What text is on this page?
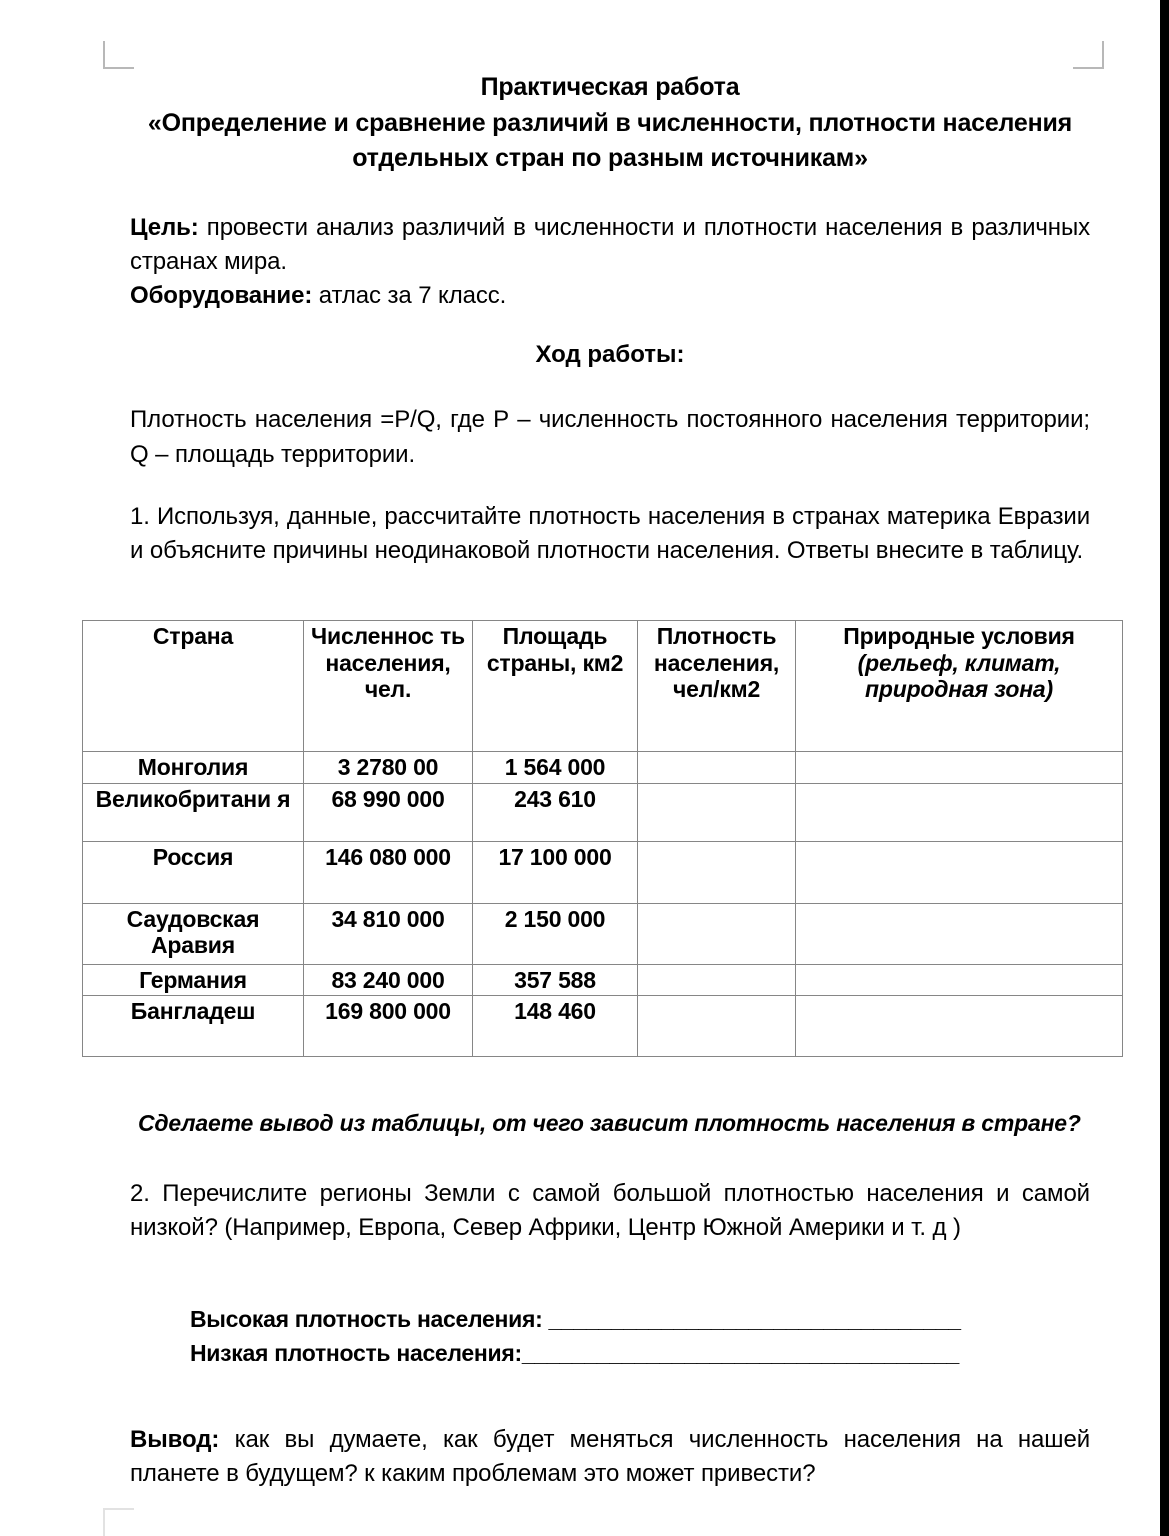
Практическая работа
«Определение и сравнение различий в численности, плотности населения
отдельных стран по разным источникам»

Цель: провести анализ различий в численности и плотности населения в различных странах мира.

Оборудование: атлас за 7 класс.

Ход работы:

Плотность населения =Р/Q, где Р – численность постоянного населения территории; Q – площадь территории.

1. Используя, данные, рассчитайте плотность населения в странах материка Евразии и объясните причины неодинаковой плотности населения. Ответы внесите в таблицу.

Страна	Численнос ть населения, чел.	Площадь страны, км2	Плотность населения, чел/км2	Природные условия
(рельеф, климат, природная зона)

Монголия	3 2780 00	1 564 000		
Великобритани я	68 990 000	243 610		
Россия	146 080 000	17 100 000		
Саудовская Аравия	34 810 000	2 150 000		
Германия	83 240 000	357 588		
Бангладеш	169 800 000	148 460		

Сделаете вывод из таблицы, от чего зависит плотность населения в стране?

2. Перечислите регионы Земли с самой большой плотностью населения и самой низкой? (Например, Европа, Север Африки, Центр Южной Америки и т. д )

Высокая плотность населения: _________________________________
Низкая плотность населения:___________________________________

Вывод: как вы думаете, как будет меняться численность населения на нашей планете в будущем? к каким проблемам это может привести?
